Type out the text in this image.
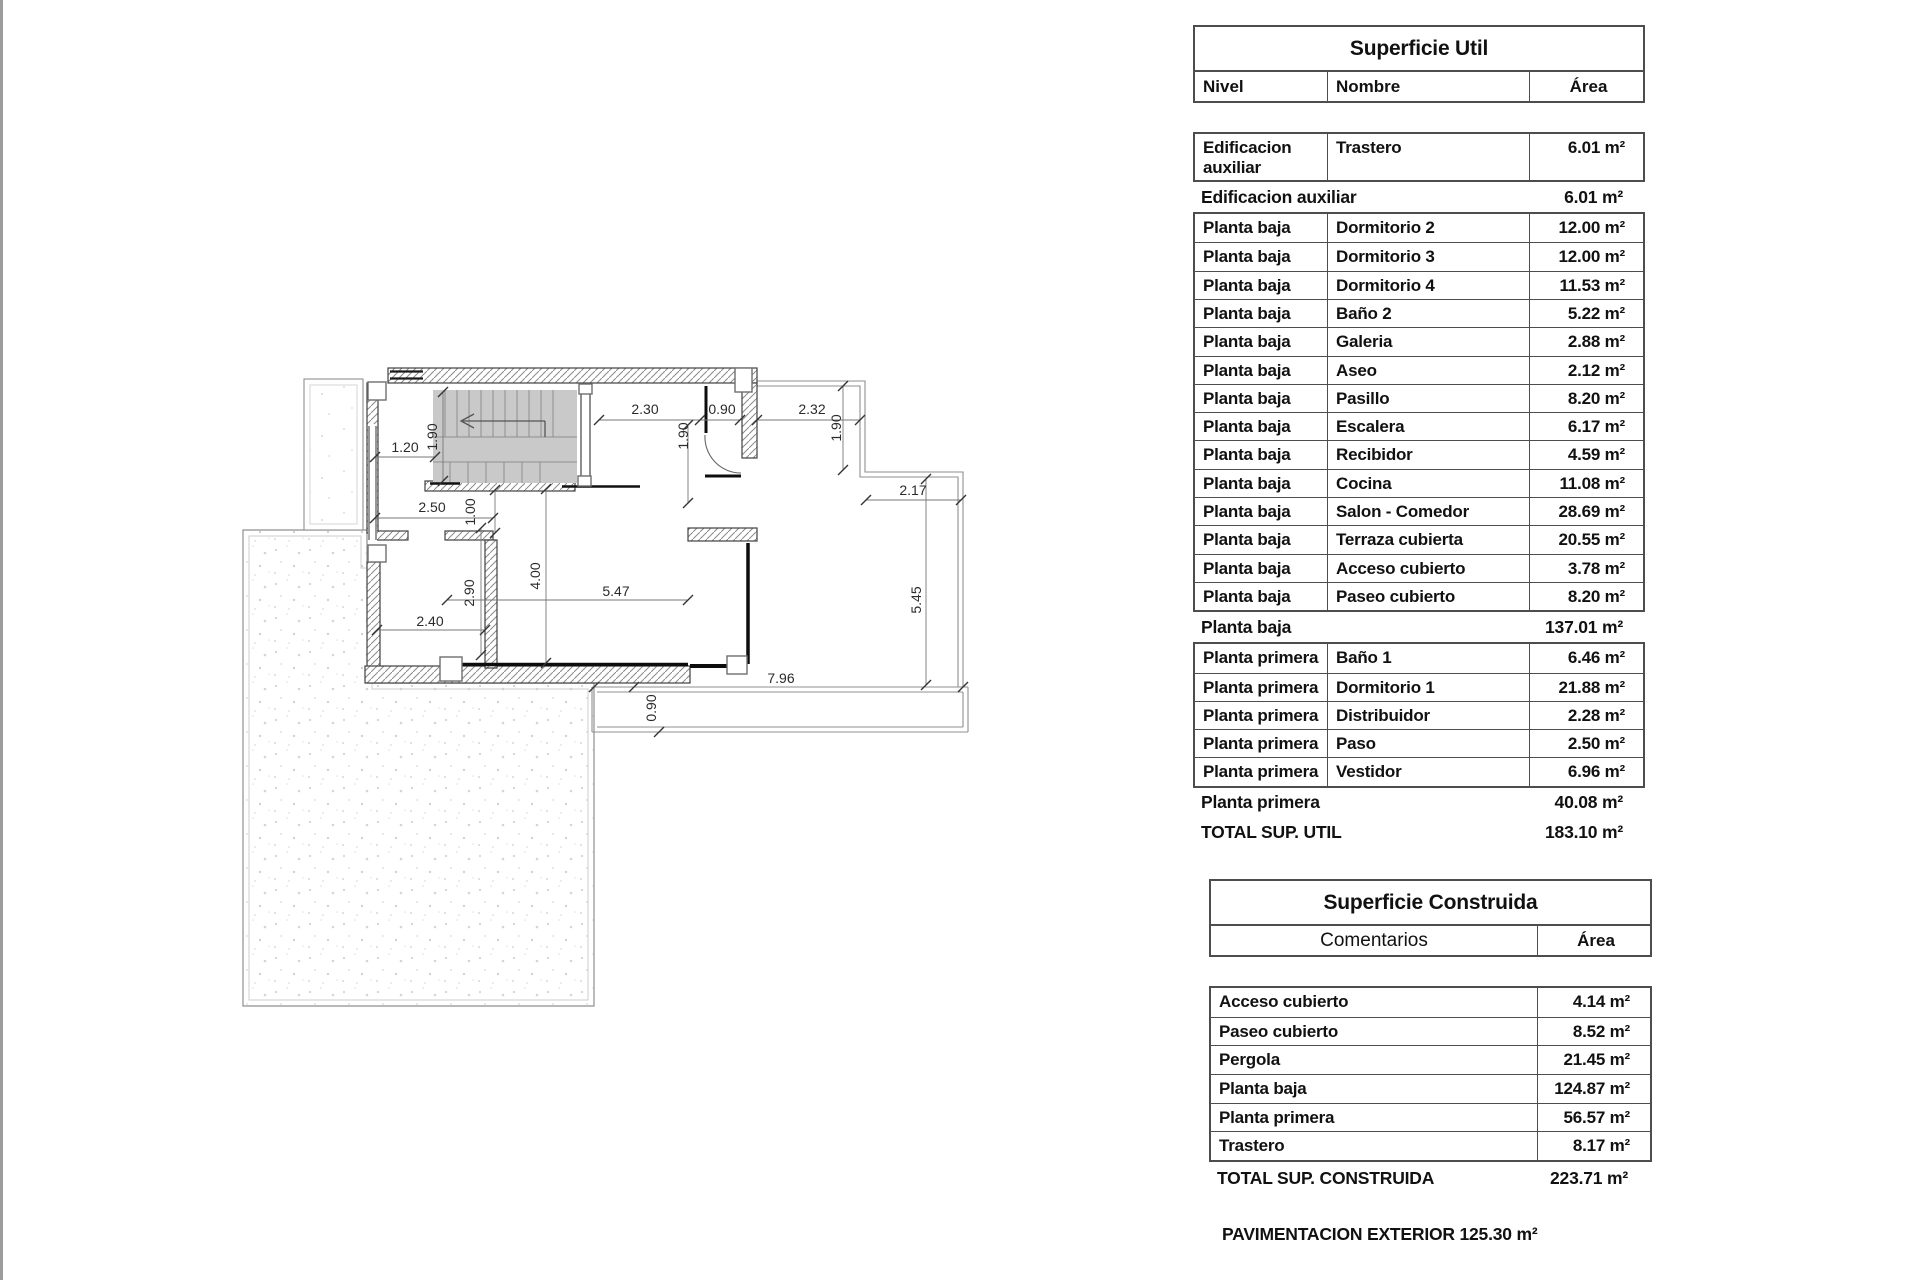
1.20 1.90
2.30	0.90
1.90
2.32
1.90
2.17
5.45
2.50 1.00
4.00
5.47
2.90
2.40
7.96
0.90
Superficie Util
Nivel	Nombre	Área
Edificacion auxiliar
Trastero	6.01 m²
Edificacion auxiliar	6.01 m²
Planta baja	Dormitorio 2	12.00 m²
Planta baja	Dormitorio 3	12.00 m²
Planta baja	Dormitorio 4	11.53 m²
Planta baja	Baño 2	5.22 m²
Planta baja	Galeria	2.88 m²
Planta baja	Aseo	2.12 m²
Planta baja	Pasillo	8.20 m²
Planta baja	Escalera	6.17 m²
Planta baja	Recibidor	4.59 m²
Planta baja	Cocina	11.08 m²
Planta baja	Salon - Comedor	28.69 m²
Planta baja	Terraza cubierta	20.55 m²
Planta baja	Acceso cubierto	3.78 m²
Planta baja	Paseo cubierto	8.20 m²
Planta baja	137.01 m²
Planta primera	Baño 1	6.46 m²
Planta primera	Dormitorio 1	21.88 m²
Planta primera	Distribuidor	2.28 m²
Planta primera	Paso	2.50 m²
Planta primera	Vestidor	6.96 m²
Planta primera	40.08 m²
TOTAL SUP. UTIL	183.10 m²
Superficie Construida
Comentarios	Área
Acceso cubierto	4.14 m²
Paseo cubierto	8.52 m²
Pergola	21.45 m²
Planta baja	124.87 m²
Planta primera	56.57 m²
Trastero	8.17 m²
TOTAL SUP. CONSTRUIDA	223.71 m²
PAVIMENTACION EXTERIOR 125.30 m²
